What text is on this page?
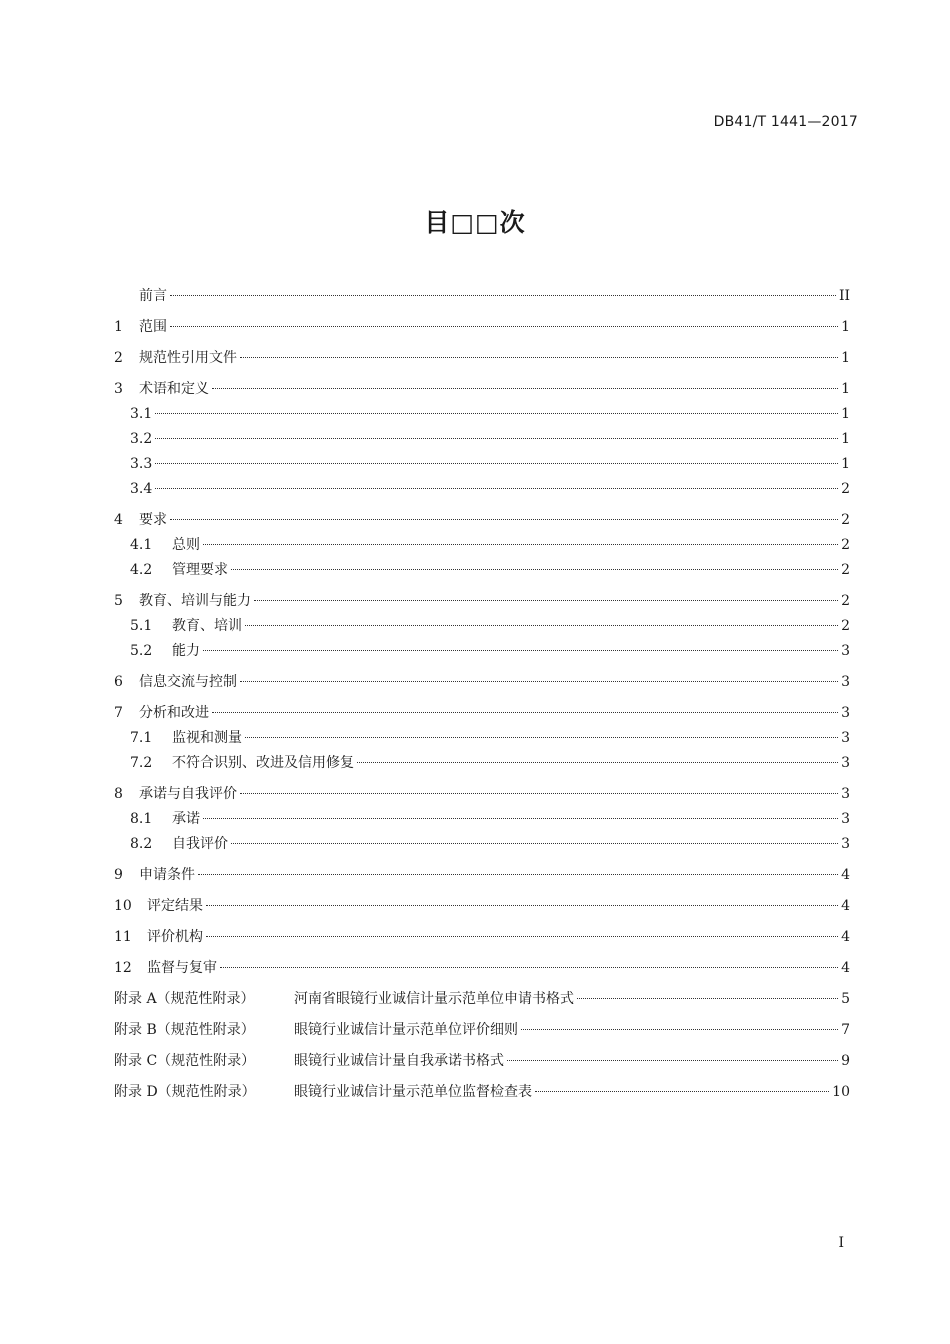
DB41/T 1441—2017
目□□次
前言	II
1	范围	1
2	规范性引用文件	1
3	术语和定义	1
3.1	1
3.2	1
3.3	1
3.4	2
4	要求	2
4.1	总则	2
4.2	管理要求	2
5	教育、培训与能力	2
5.1	教育、培训	2
5.2	能力	3
6	信息交流与控制	3
7	分析和改进	3
7.1	监视和测量	3
7.2	不符合识别、改进及信用修复	3
8	承诺与自我评价	3
8.1	承诺	3
8.2	自我评价	3
9	申请条件	4
10	评定结果	4
11	评价机构	4
12	监督与复审	4
附录 A（规范性附录）	河南省眼镜行业诚信计量示范单位申请书格式	5
附录 B（规范性附录）	眼镜行业诚信计量示范单位评价细则	7
附录 C（规范性附录）	眼镜行业诚信计量自我承诺书格式	9
附录 D（规范性附录）	眼镜行业诚信计量示范单位监督检查表	10
I
